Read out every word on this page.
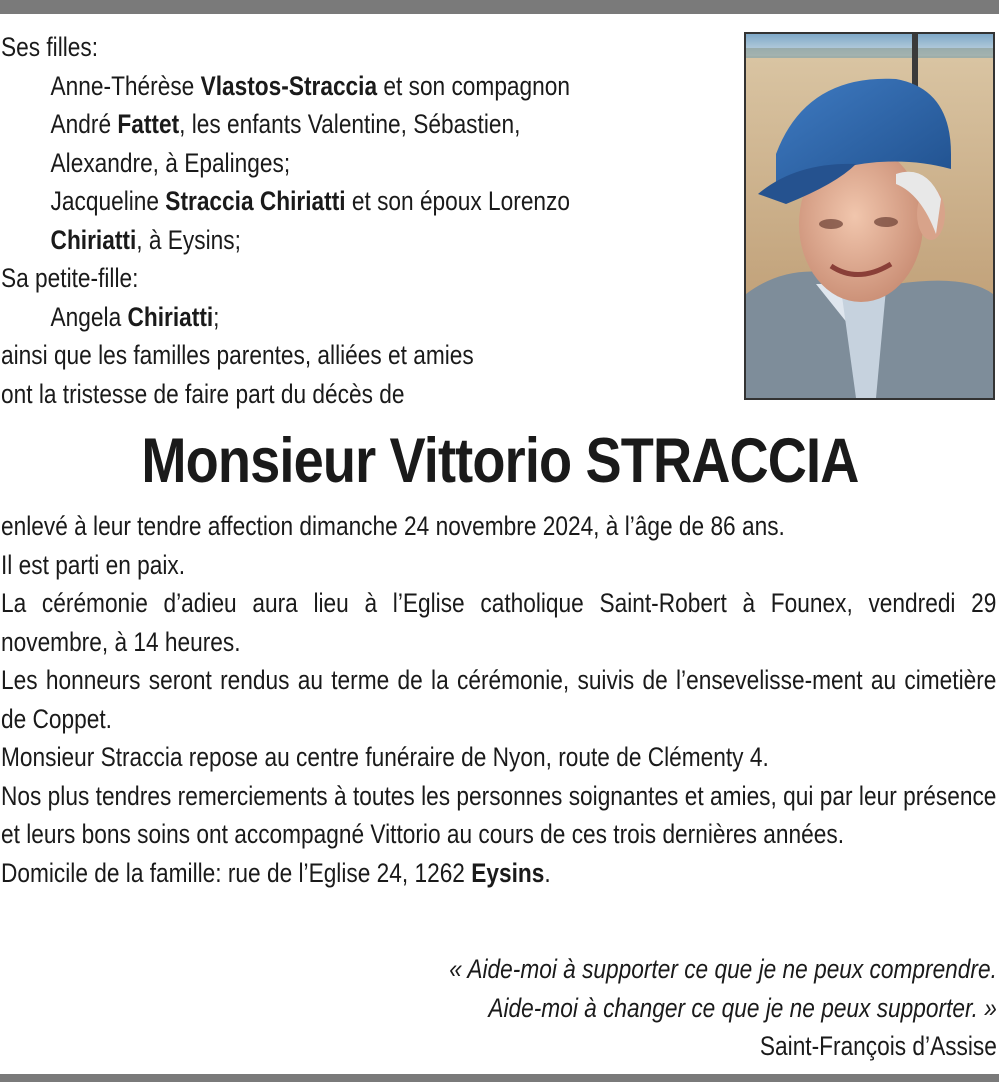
Ses filles:

Anne-Thérèse Vlastos-Straccia et son compagnon

André Fattet, les enfants Valentine, Sébastien,

Alexandre, à Epalinges;

Jacqueline Straccia Chiriatti et son époux Lorenzo

Chiriatti, à Eysins;

Sa petite-fille:

Angela Chiriatti;

ainsi que les familles parentes, alliées et amies

ont la tristesse de faire part du décès de

Monsieur Vittorio STRACCIA

enlevé à leur tendre affection dimanche 24 novembre 2024, à l’âge de 86 ans.

Il est parti en paix.

La cérémonie d’adieu aura lieu à l’Eglise catholique Saint-Robert à Founex, vendredi 29 novembre, à 14 heures.

Les honneurs seront rendus au terme de la cérémonie, suivis de l’ensevelisse-ment au cimetière de Coppet.

Monsieur Straccia repose au centre funéraire de Nyon, route de Clémenty 4.

Nos plus tendres remerciements à toutes les personnes soignantes et amies, qui par leur présence et leurs bons soins ont accompagné Vittorio au cours de ces trois dernières années.

Domicile de la famille: rue de l’Eglise 24, 1262 Eysins.

« Aide-moi à supporter ce que je ne peux comprendre.
Aide-moi à changer ce que je ne peux supporter. »
Saint-François d’Assise
